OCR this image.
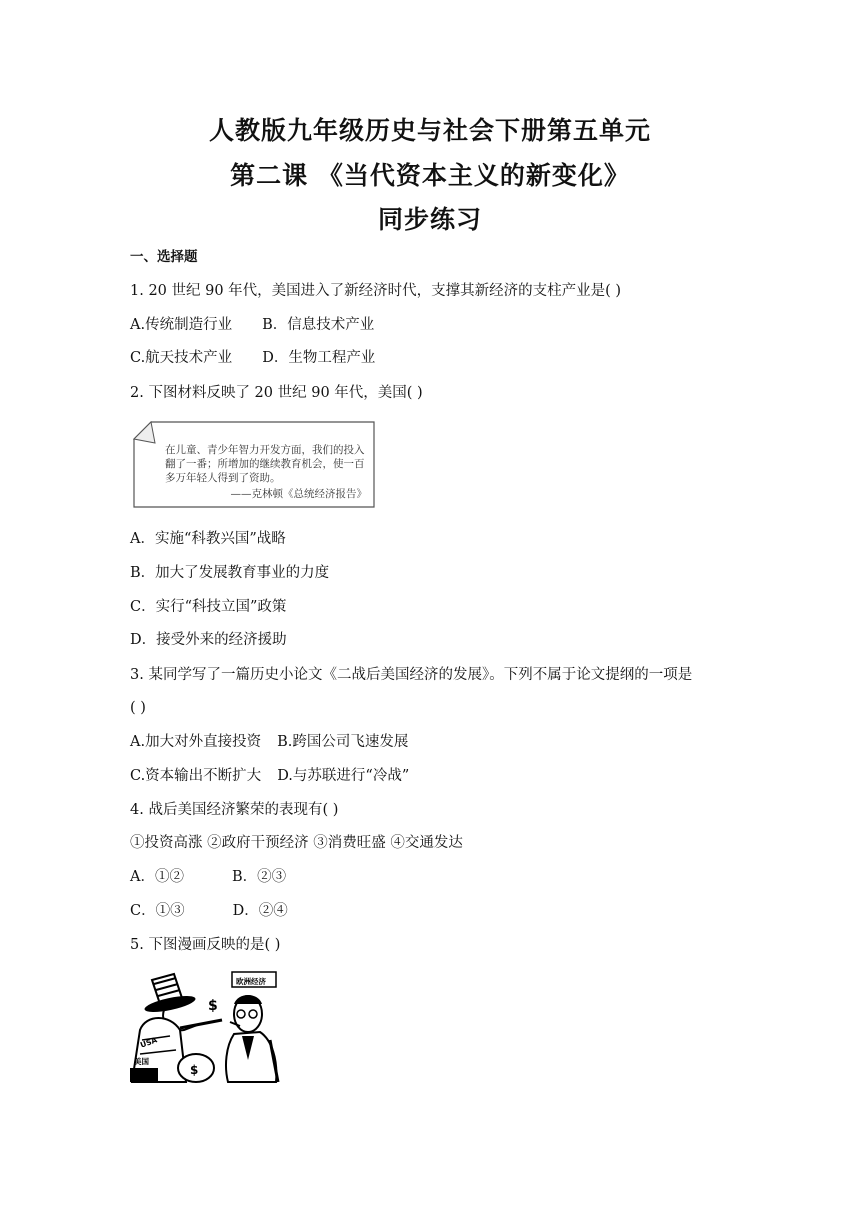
人教版九年级历史与社会下册第五单元
第二课 《当代资本主义的新变化》
同步练习
一、选择题
1. 20 世纪 90 年代，美国进入了新经济时代，支撑其新经济的支柱产业是( )
A.传统制造行业 B．信息技术产业
C.航天技术产业 D．生物工程产业
2. 下图材料反映了 20 世纪 90 年代，美国( )
在儿童、青少年智力开发方面，我们的投入翻了一番；所增加的继续教育机会，使一百多万年轻人得到了资助。
——克林顿《总统经济报告》
A．实施“科教兴国”战略
B．加大了发展教育事业的力度
C．实行“科技立国”政策
D．接受外来的经济援助
3. 某同学写了一篇历史小论文《二战后美国经济的发展》。下列不属于论文提纲的一项是
( )
A.加大对外直接投资 B.跨国公司飞速发展
C.资本输出不断扩大 D.与苏联进行“冷战”
4. 战后美国经济繁荣的表现有( )
①投资高涨 ②政府干预经济 ③消费旺盛 ④交通发达
A．①②	B．②③
C．①③	D．②④
5. 下图漫画反映的是( )
$
$
欧洲经济
美国
USA
